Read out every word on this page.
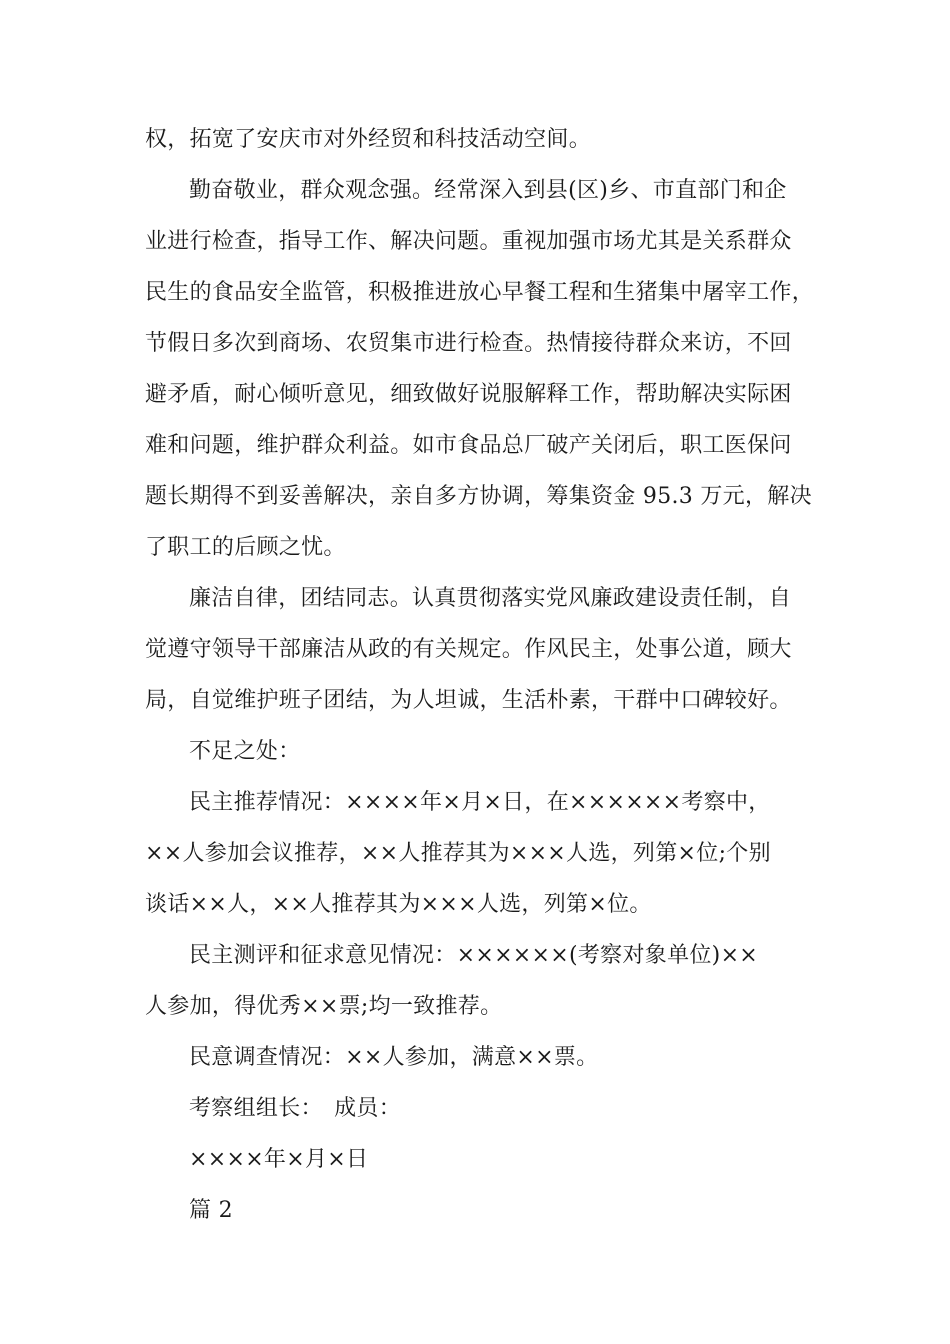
权，拓宽了安庆市对外经贸和科技活动空间。
勤奋敬业，群众观念强。经常深入到县(区)乡、市直部门和企
业进行检查，指导工作、解决问题。重视加强市场尤其是关系群众
民生的食品安全监管，积极推进放心早餐工程和生猪集中屠宰工作，
节假日多次到商场、农贸集市进行检查。热情接待群众来访，不回
避矛盾，耐心倾听意见，细致做好说服解释工作，帮助解决实际困
难和问题，维护群众利益。如市食品总厂破产关闭后，职工医保问
题长期得不到妥善解决，亲自多方协调，筹集资金 95.3 万元，解决
了职工的后顾之忧。
廉洁自律，团结同志。认真贯彻落实党风廉政建设责任制，自
觉遵守领导干部廉洁从政的有关规定。作风民主，处事公道，顾大
局，自觉维护班子团结，为人坦诚，生活朴素，干群中口碑较好。
不足之处：
民主推荐情况：××××年×月×日，在××××××考察中，
××人参加会议推荐，××人推荐其为×××人选，列第×位;个别
谈话××人，××人推荐其为×××人选，列第×位。
民主测评和征求意见情况：××××××(考察对象单位)××
人参加，得优秀××票;均一致推荐。
民意调查情况：××人参加，满意××票。
考察组组长：　成员：
××××年×月×日
篇 2
